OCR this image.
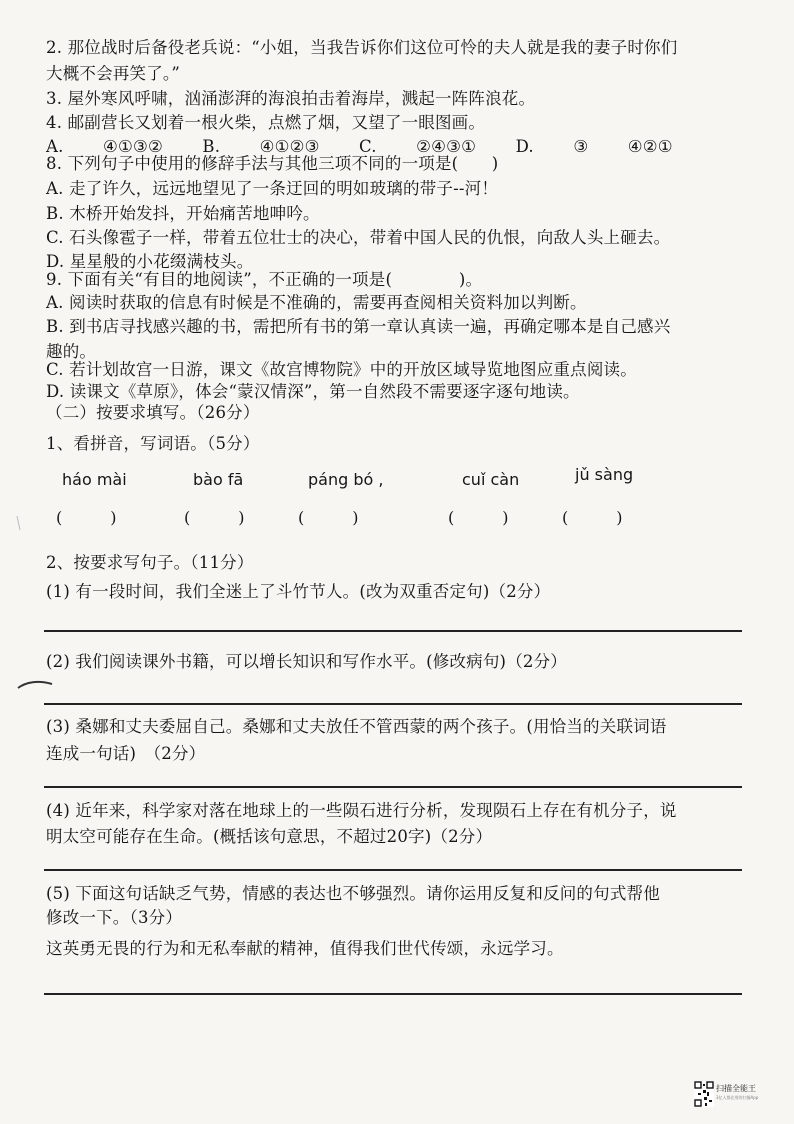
2. 那位战时后备役老兵说：“小姐，当我告诉你们这位可怜的夫人就是我的妻子时你们
大概不会再笑了。”
3. 屋外寒风呼啸，汹涌澎湃的海浪拍击着海岸，溅起一阵阵浪花。
4. 邮副营长又划着一根火柴，点燃了烟，又望了一眼图画。
A. ④①③② B. ④①②③ C. ②④③① D. ③ ④②①
8. 下列句子中使用的修辞手法与其他三项不同的一项是(　　)
A. 走了许久，远远地望见了一条迂回的明如玻璃的带子--河！
B. 木桥开始发抖，开始痛苦地呻吟。
C. 石头像雹子一样，带着五位壮士的决心，带着中国人民的仇恨，向敌人头上砸去。
D. 星星般的小花缀满枝头。
9. 下面有关“有目的地阅读”，不正确的一项是(　　　　)。
A. 阅读时获取的信息有时候是不准确的，需要再查阅相关资料加以判断。
B. 到书店寻找感兴趣的书，需把所有书的第一章认真读一遍，再确定哪本是自己感兴
趣的。
C. 若计划故宫一日游，课文《故宫博物院》中的开放区域导览地图应重点阅读。
D. 读课文《草原》，体会“蒙汉情深”，第一自然段不需要逐字逐句地读。
（二）按要求填写。（26分）
1、看拼音，写词语。（5分）
háo mài	bào fā	páng bó ,	cuǐ càn	jǔ sàng
(　　　)	(　　　)	(　　　)	(　　　)	(　　　)
2、按要求写句子。（11分）
(1) 有一段时间，我们全迷上了斗竹节人。(改为双重否定句)（2分）
(2) 我们阅读课外书籍，可以增长知识和写作水平。(修改病句)（2分）
(3) 桑娜和丈夫委屈自己。桑娜和丈夫放任不管西蒙的两个孩子。(用恰当的关联词语
连成一句话)　（2分）
(4) 近年来，科学家对落在地球上的一些陨石进行分析，发现陨石上存在有机分子，说
明太空可能存在生命。(概括该句意思，不超过20字)（2分）
(5) 下面这句话缺乏气势，情感的表达也不够强烈。请你运用反复和反问的句式帮他
修改一下。（3分）
这英勇无畏的行为和无私奉献的精神，值得我们世代传颂，永远学习。
扫描全能王
3亿人都在用的扫描App
